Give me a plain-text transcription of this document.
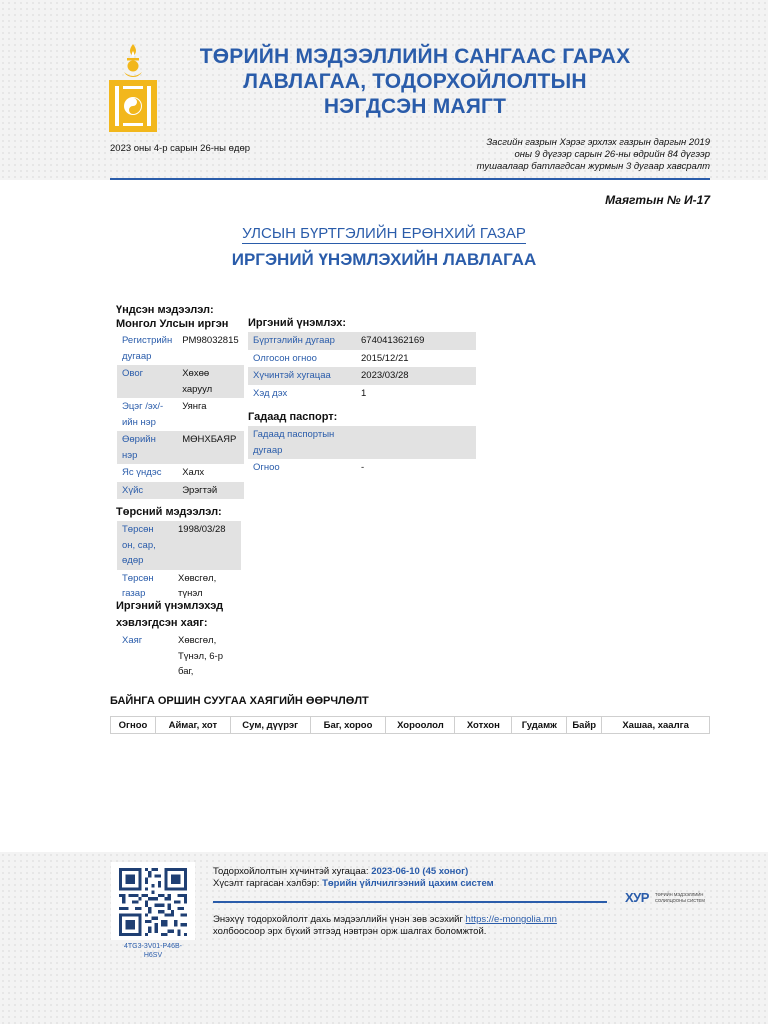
ТӨРИЙН МЭДЭЭЛЛИЙН САНГААС ГАРАХ
ЛАВЛАГАА, ТОДОРХОЙЛОЛТЫН
НЭГДСЭН МАЯГТ
2023 оны 4-р сарын 26-ны өдөр
Засгийн газрын Хэрэг эрхлэх газрын даргын 2019
оны 9 дүгээр сарын 26-ны өдрийн 84 дүгээр
тушаалаар батлагдсан журмын 3 дугаар хавсралт
Маягтын № И-17
УЛСЫН БҮРТГЭЛИЙН ЕРӨНХИЙ ГАЗАР
ИРГЭНИЙ ҮНЭМЛЭХИЙН ЛАВЛАГАА
Үндсэн мэдээлэл:
Монгол Улсын иргэн
Регистрийн дугаар	РМ98032815
Овог	Хөхөө харуул
Эцэг /эх/-ийн нэр	Уянга
Өөрийн нэр	МӨНХБАЯР
Яс үндэс	Халх
Хүйс	Эрэгтэй
Төрсний мэдээлэл:
Төрсөн он, сар, өдөр	1998/03/28
Төрсөн газар	Хөвсгөл, түнэл
Иргэний үнэмлэхэд
хэвлэгдсэн хаяг:
Хаяг	Хөвсгөл, Түнэл, 6-р баг,
Иргэний үнэмлэх:
Бүртгэлийн дугаар	674041362169
Олгосон огноо	2015/12/21
Хүчинтэй хугацаа	2023/03/28
Хэд дэх	1
Гадаад паспорт:
Гадаад паспортын дугаар	
Огноо	-
БАЙНГА ОРШИН СУУГАА ХАЯГИЙН ӨӨРЧЛӨЛТ
Огноо	Аймаг, хот	Сум, дүүрэг	Баг, хороо	Хороолол	Хотхон	Гудамж	Байр	Хашаа, хаалга
4TG3-3V01-P46B-H6SV
Тодорхойлолтын хүчинтэй хугацаа: 2023-06-10 (45 хоног)
Хүсэлт гаргасан хэлбэр: Төрийн үйлчилгээний цахим систем
Энэхүү тодорхойлолт дахь мэдээллийн үнэн зөв эсэхийг https://e-mongolia.mn
холбоосоор эрх бүхий этгээд нэвтрэн орж шалгах боломжтой.
ХУР ТӨРИЙН МЭДЭЭЛЛИЙН СОЛИЛЦООНЫ СИСТЕМ
